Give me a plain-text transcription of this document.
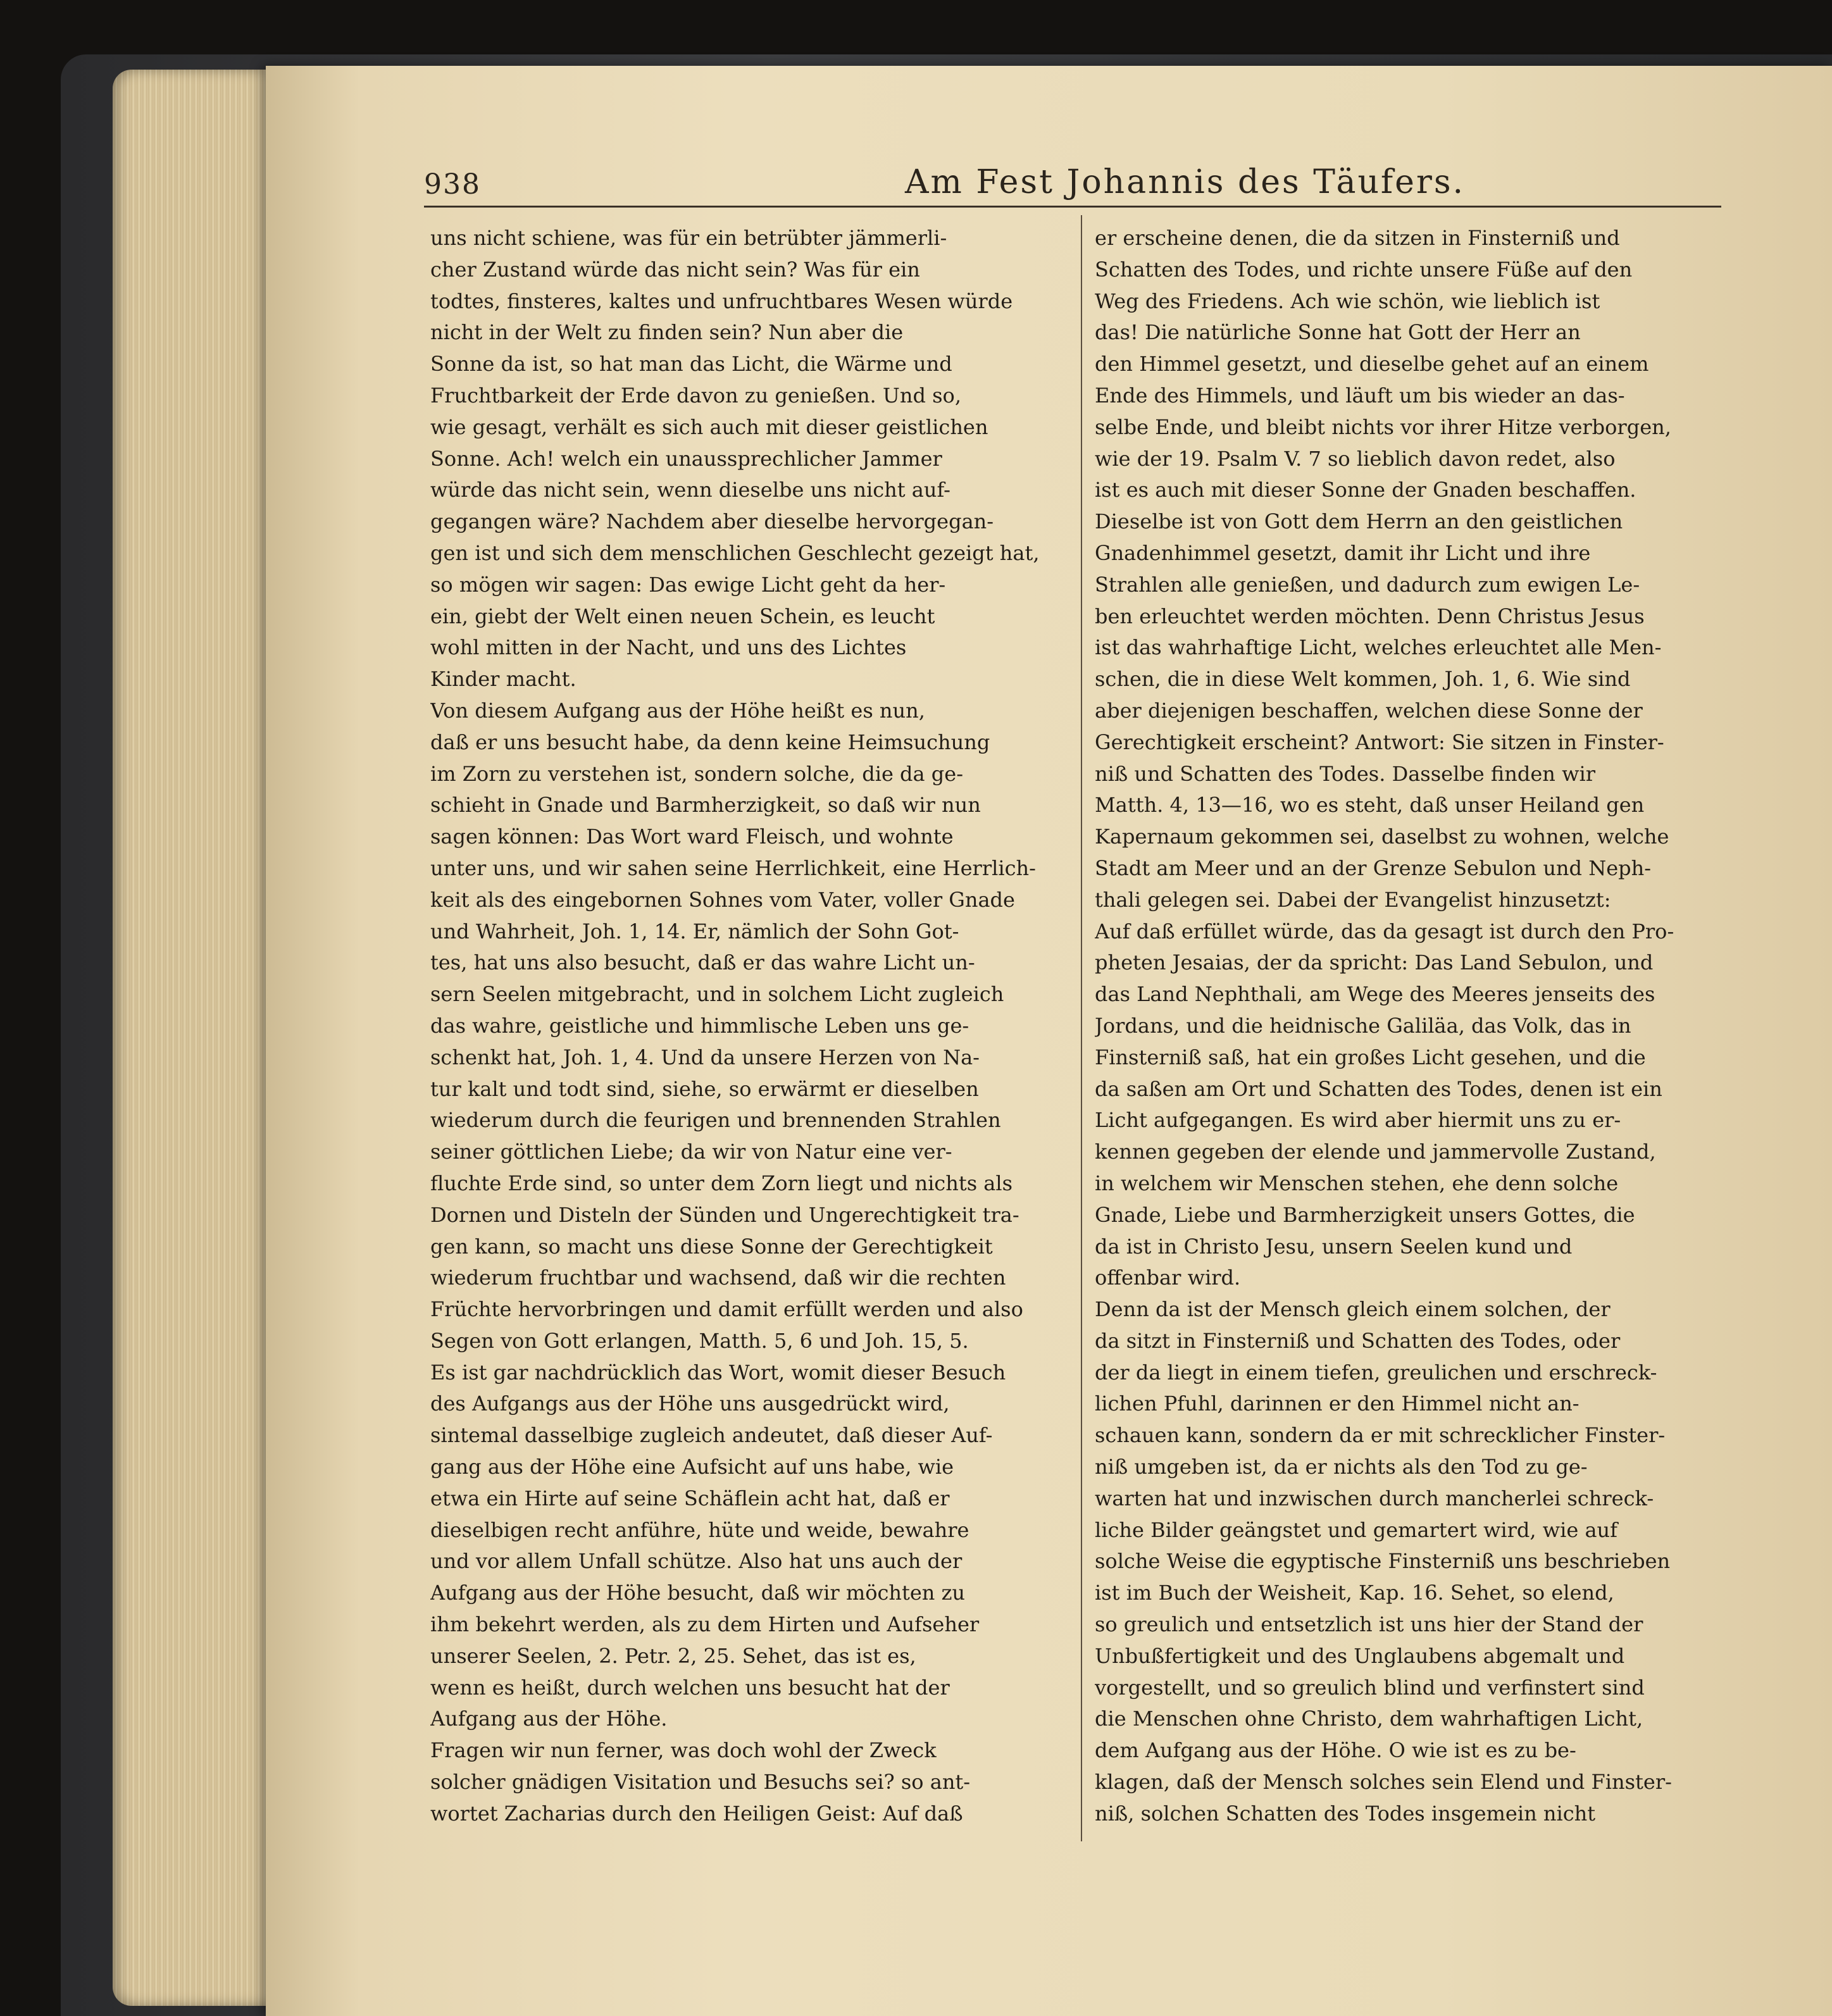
938	Am Fest Johannis des Täufers.
uns nicht schiene, was für ein betrübter jämmerli-
cher Zustand würde das nicht sein? Was für ein
todtes, finsteres, kaltes und unfruchtbares Wesen würde
nicht in der Welt zu finden sein? Nun aber die
Sonne da ist, so hat man das Licht, die Wärme und
Fruchtbarkeit der Erde davon zu genießen. Und so,
wie gesagt, verhält es sich auch mit dieser geistlichen
Sonne. Ach! welch ein unaussprechlicher Jammer
würde das nicht sein, wenn dieselbe uns nicht auf-
gegangen wäre? Nachdem aber dieselbe hervorgegan-
gen ist und sich dem menschlichen Geschlecht gezeigt hat,
so mögen wir sagen: Das ewige Licht geht da her-
ein, giebt der Welt einen neuen Schein, es leucht
wohl mitten in der Nacht, und uns des Lichtes
Kinder macht.
Von diesem Aufgang aus der Höhe heißt es nun,
daß er uns besucht habe, da denn keine Heimsuchung
im Zorn zu verstehen ist, sondern solche, die da ge-
schieht in Gnade und Barmherzigkeit, so daß wir nun
sagen können: Das Wort ward Fleisch, und wohnte
unter uns, und wir sahen seine Herrlichkeit, eine Herrlich-
keit als des eingebornen Sohnes vom Vater, voller Gnade
und Wahrheit, Joh. 1, 14. Er, nämlich der Sohn Got-
tes, hat uns also besucht, daß er das wahre Licht un-
sern Seelen mitgebracht, und in solchem Licht zugleich
das wahre, geistliche und himmlische Leben uns ge-
schenkt hat, Joh. 1, 4. Und da unsere Herzen von Na-
tur kalt und todt sind, siehe, so erwärmt er dieselben
wiederum durch die feurigen und brennenden Strahlen
seiner göttlichen Liebe; da wir von Natur eine ver-
fluchte Erde sind, so unter dem Zorn liegt und nichts als
Dornen und Disteln der Sünden und Ungerechtigkeit tra-
gen kann, so macht uns diese Sonne der Gerechtigkeit
wiederum fruchtbar und wachsend, daß wir die rechten
Früchte hervorbringen und damit erfüllt werden und also
Segen von Gott erlangen, Matth. 5, 6 und Joh. 15, 5.
Es ist gar nachdrücklich das Wort, womit dieser Besuch
des Aufgangs aus der Höhe uns ausgedrückt wird,
sintemal dasselbige zugleich andeutet, daß dieser Auf-
gang aus der Höhe eine Aufsicht auf uns habe, wie
etwa ein Hirte auf seine Schäflein acht hat, daß er
dieselbigen recht anführe, hüte und weide, bewahre
und vor allem Unfall schütze. Also hat uns auch der
Aufgang aus der Höhe besucht, daß wir möchten zu
ihm bekehrt werden, als zu dem Hirten und Aufseher
unserer Seelen, 2. Petr. 2, 25. Sehet, das ist es,
wenn es heißt, durch welchen uns besucht hat der
Aufgang aus der Höhe.
Fragen wir nun ferner, was doch wohl der Zweck
solcher gnädigen Visitation und Besuchs sei? so ant-
wortet Zacharias durch den Heiligen Geist: Auf daß
er erscheine denen, die da sitzen in Finsterniß und
Schatten des Todes, und richte unsere Füße auf den
Weg des Friedens. Ach wie schön, wie lieblich ist
das! Die natürliche Sonne hat Gott der Herr an
den Himmel gesetzt, und dieselbe gehet auf an einem
Ende des Himmels, und läuft um bis wieder an das-
selbe Ende, und bleibt nichts vor ihrer Hitze verborgen,
wie der 19. Psalm V. 7 so lieblich davon redet, also
ist es auch mit dieser Sonne der Gnaden beschaffen.
Dieselbe ist von Gott dem Herrn an den geistlichen
Gnadenhimmel gesetzt, damit ihr Licht und ihre
Strahlen alle genießen, und dadurch zum ewigen Le-
ben erleuchtet werden möchten. Denn Christus Jesus
ist das wahrhaftige Licht, welches erleuchtet alle Men-
schen, die in diese Welt kommen, Joh. 1, 6. Wie sind
aber diejenigen beschaffen, welchen diese Sonne der
Gerechtigkeit erscheint? Antwort: Sie sitzen in Finster-
niß und Schatten des Todes. Dasselbe finden wir
Matth. 4, 13—16, wo es steht, daß unser Heiland gen
Kapernaum gekommen sei, daselbst zu wohnen, welche
Stadt am Meer und an der Grenze Sebulon und Neph-
thali gelegen sei. Dabei der Evangelist hinzusetzt:
Auf daß erfüllet würde, das da gesagt ist durch den Pro-
pheten Jesaias, der da spricht: Das Land Sebulon, und
das Land Nephthali, am Wege des Meeres jenseits des
Jordans, und die heidnische Galiläa, das Volk, das in
Finsterniß saß, hat ein großes Licht gesehen, und die
da saßen am Ort und Schatten des Todes, denen ist ein
Licht aufgegangen. Es wird aber hiermit uns zu er-
kennen gegeben der elende und jammervolle Zustand,
in welchem wir Menschen stehen, ehe denn solche
Gnade, Liebe und Barmherzigkeit unsers Gottes, die
da ist in Christo Jesu, unsern Seelen kund und
offenbar wird.
Denn da ist der Mensch gleich einem solchen, der
da sitzt in Finsterniß und Schatten des Todes, oder
der da liegt in einem tiefen, greulichen und erschreck-
lichen Pfuhl, darinnen er den Himmel nicht an-
schauen kann, sondern da er mit schrecklicher Finster-
niß umgeben ist, da er nichts als den Tod zu ge-
warten hat und inzwischen durch mancherlei schreck-
liche Bilder geängstet und gemartert wird, wie auf
solche Weise die egyptische Finsterniß uns beschrieben
ist im Buch der Weisheit, Kap. 16. Sehet, so elend,
so greulich und entsetzlich ist uns hier der Stand der
Unbußfertigkeit und des Unglaubens abgemalt und
vorgestellt, und so greulich blind und verfinstert sind
die Menschen ohne Christo, dem wahrhaftigen Licht,
dem Aufgang aus der Höhe. O wie ist es zu be-
klagen, daß der Mensch solches sein Elend und Finster-
niß, solchen Schatten des Todes insgemein nicht
